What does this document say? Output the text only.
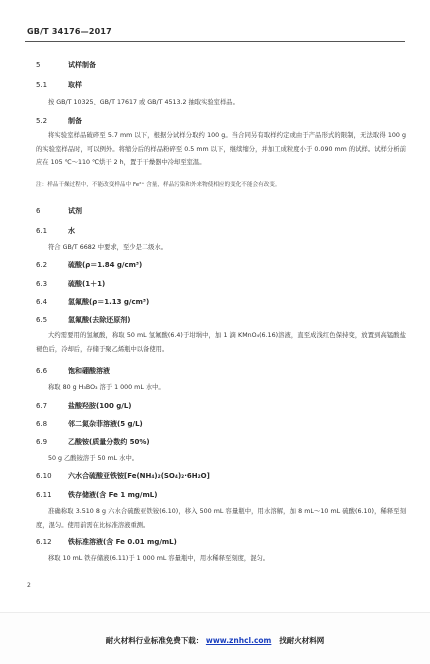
GB/T 34176—2017
5	试样制备
5.1	取样
按 GB/T 10325、GB/T 17617 或 GB/T 4513.2 抽取实验室样品。
5.2	制备
将实验室样品破碎至 5.7 mm 以下，根据分试样分取约 100 g。当合同另有取样约定或由于产品形式的限制，无法取得 100 g 的实验室样品时，可以例外。将缩分后的样品粉碎至 0.5 mm 以下，继续缩分，并加工成粒度小于 0.090 mm 的试样。试样分析前应在 105 ℃～110 ℃烘干 2 h，置于干燥器中冷却至室温。
注：样品干燥过程中，不能改变样品中 Fe²⁺ 含量，样品污染和外来物使相应的变化不能会有改变。
6	试剂
6.1	水
符合 GB/T 6682 中要求，至少是二级水。
6.2	硫酸(ρ＝1.84 g/cm³)
6.3	硫酸(1＋1)
6.4	氢氟酸(ρ＝1.13 g/cm³)
6.5	氢氟酸(去除还原剂)
大约需要用的氢氟酸，称取 50 mL 氢氟酸(6.4)于坩埚中，加 1 滴 KMnO₄(6.16)溶液，直至成浅红色保持变，放置到高锰酸盐褪色后，冷却后，存储于聚乙烯瓶中以备使用。
6.6	饱和硼酸溶液
称取 80 g H₃BO₃ 溶于 1 000 mL 水中。
6.7	盐酸羟胺(100 g/L)
6.8	邻二氮杂菲溶液(5 g/L)
6.9	乙酸铵(质量分数约 50%)
50 g 乙酸铵溶于 50 mL 水中。
6.10 六水合硫酸亚铁铵[Fe(NH₄)₂(SO₄)₂·6H₂O]
6.11 铁存储液(含 Fe 1 mg/mL)
准确称取 3.510 8 g 六水合硫酸亚铁铵(6.10)，移入 500 mL 容量瓶中，用水溶解，加 8 mL～10 mL 硫酸(6.10)，稀释至刻度，混匀。使用前需在比标准溶液重测。
6.12 铁标准溶液(含 Fe 0.01 mg/mL)
移取 10 mL 铁存储液(6.11)于 1 000 mL 容量瓶中，用水稀释至刻度，混匀。
2
耐火材料行业标准免费下载： www.znhcl.com 找耐火材料网
